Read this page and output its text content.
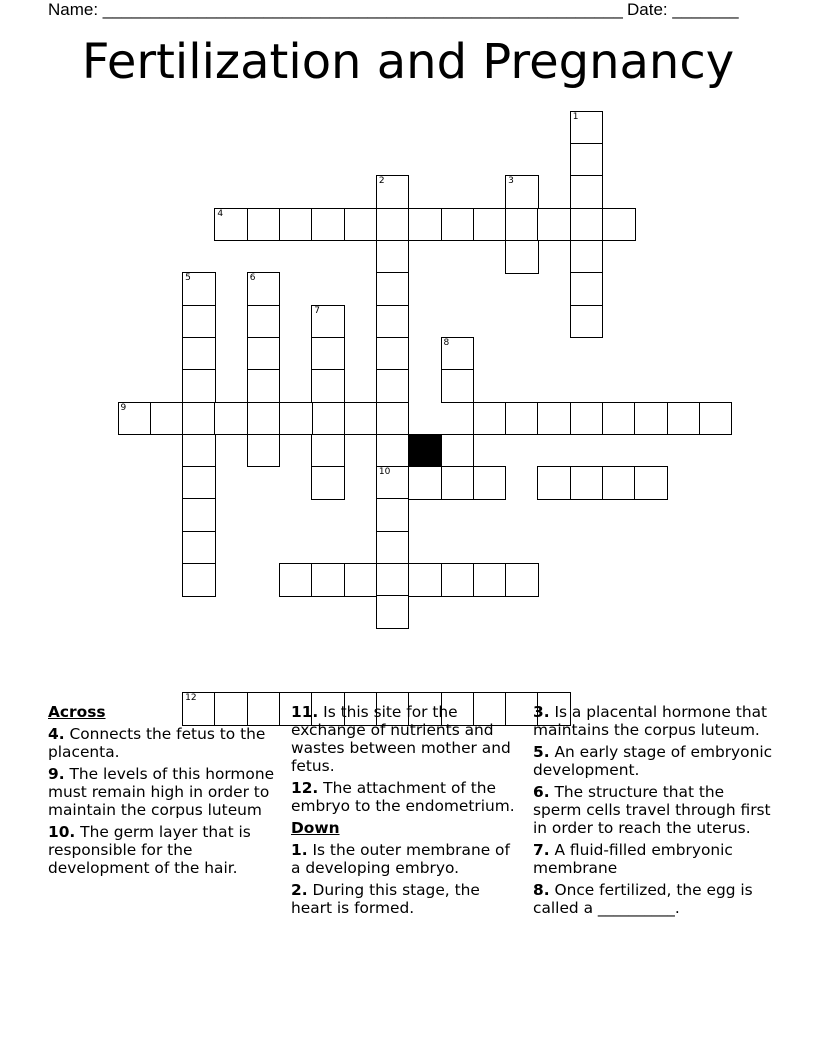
Name: _______________________________________________________ Date: _______
Fertilization and Pregnancy
1
4
2
10
3
5	6
7
8
9
12
Across
4. Connects the fetus to the placenta.
9. The levels of this hormone must remain high in order to maintain the corpus luteum
10. The germ layer that is responsible for the development of the hair.
11. Is this site for the exchange of nutrients and wastes between mother and fetus.
12. The attachment of the embryo to the endometrium.
Down
1. Is the outer membrane of a developing embryo.
2. During this stage, the heart is formed.
3. Is a placental hormone that maintains the corpus luteum.
5. An early stage of embryonic development.
6. The structure that the sperm cells travel through first in order to reach the uterus.
7. A fluid-filled embryonic membrane
8. Once fertilized, the egg is called a __________.
